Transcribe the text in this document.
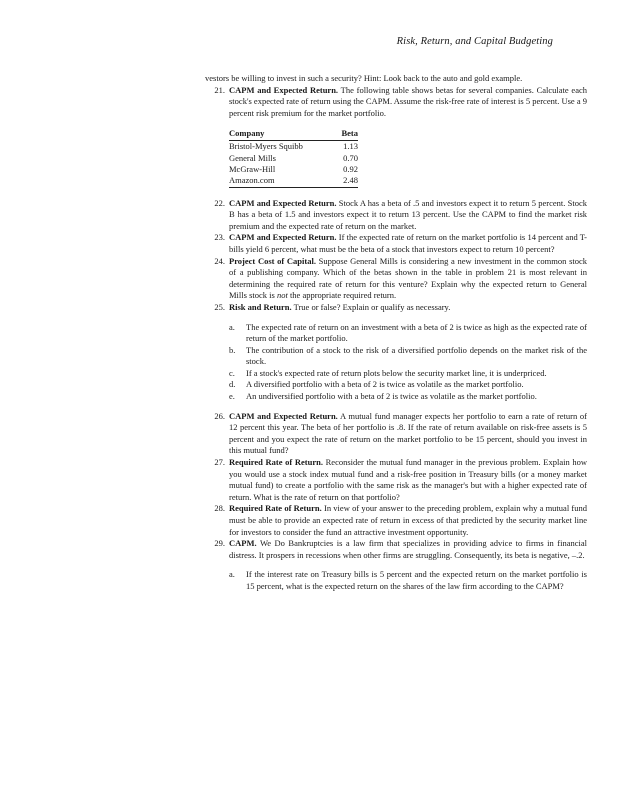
Risk, Return, and Capital Budgeting

vestors be willing to invest in such a security? Hint: Look back to the auto and gold example.

21. CAPM and Expected Return. The following table shows betas for several companies. Calculate each stock's expected rate of return using the CAPM. Assume the risk-free rate of interest is 5 percent. Use a 9 percent risk premium for the market portfolio.
Company	Beta
Bristol-Myers Squibb	1.13
General Mills	0.70
McGraw-Hill	0.92
Amazon.com	2.48
22. CAPM and Expected Return. Stock A has a beta of .5 and investors expect it to return 5 percent. Stock B has a beta of 1.5 and investors expect it to return 13 percent. Use the CAPM to find the market risk premium and the expected rate of return on the market.
23. CAPM and Expected Return. If the expected rate of return on the market portfolio is 14 percent and T-bills yield 6 percent, what must be the beta of a stock that investors expect to return 10 percent?
24. Project Cost of Capital. Suppose General Mills is considering a new investment in the common stock of a publishing company. Which of the betas shown in the table in problem 21 is most relevant in determining the required rate of return for this venture? Explain why the expected return to General Mills stock is not the appropriate required return.
25. Risk and Return. True or false? Explain or qualify as necessary.
a. The expected rate of return on an investment with a beta of 2 is twice as high as the expected rate of return of the market portfolio.
b. The contribution of a stock to the risk of a diversified portfolio depends on the market risk of the stock.
c. If a stock's expected rate of return plots below the security market line, it is underpriced.
d. A diversified portfolio with a beta of 2 is twice as volatile as the market portfolio.
e. An undiversified portfolio with a beta of 2 is twice as volatile as the market portfolio.
26. CAPM and Expected Return. A mutual fund manager expects her portfolio to earn a rate of return of 12 percent this year. The beta of her portfolio is .8. If the rate of return available on risk-free assets is 5 percent and you expect the rate of return on the market portfolio to be 15 percent, should you invest in this mutual fund?
27. Required Rate of Return. Reconsider the mutual fund manager in the previous problem. Explain how you would use a stock index mutual fund and a risk-free position in Treasury bills (or a money market mutual fund) to create a portfolio with the same risk as the manager's but with a higher expected rate of return. What is the rate of return on that portfolio?
28. Required Rate of Return. In view of your answer to the preceding problem, explain why a mutual fund must be able to provide an expected rate of return in excess of that predicted by the security market line for investors to consider the fund an attractive investment opportunity.
29. CAPM. We Do Bankruptcies is a law firm that specializes in providing advice to firms in financial distress. It prospers in recessions when other firms are struggling. Consequently, its beta is negative, –.2.
a. If the interest rate on Treasury bills is 5 percent and the expected return on the market portfolio is 15 percent, what is the expected return on the shares of the law firm according to the CAPM?
